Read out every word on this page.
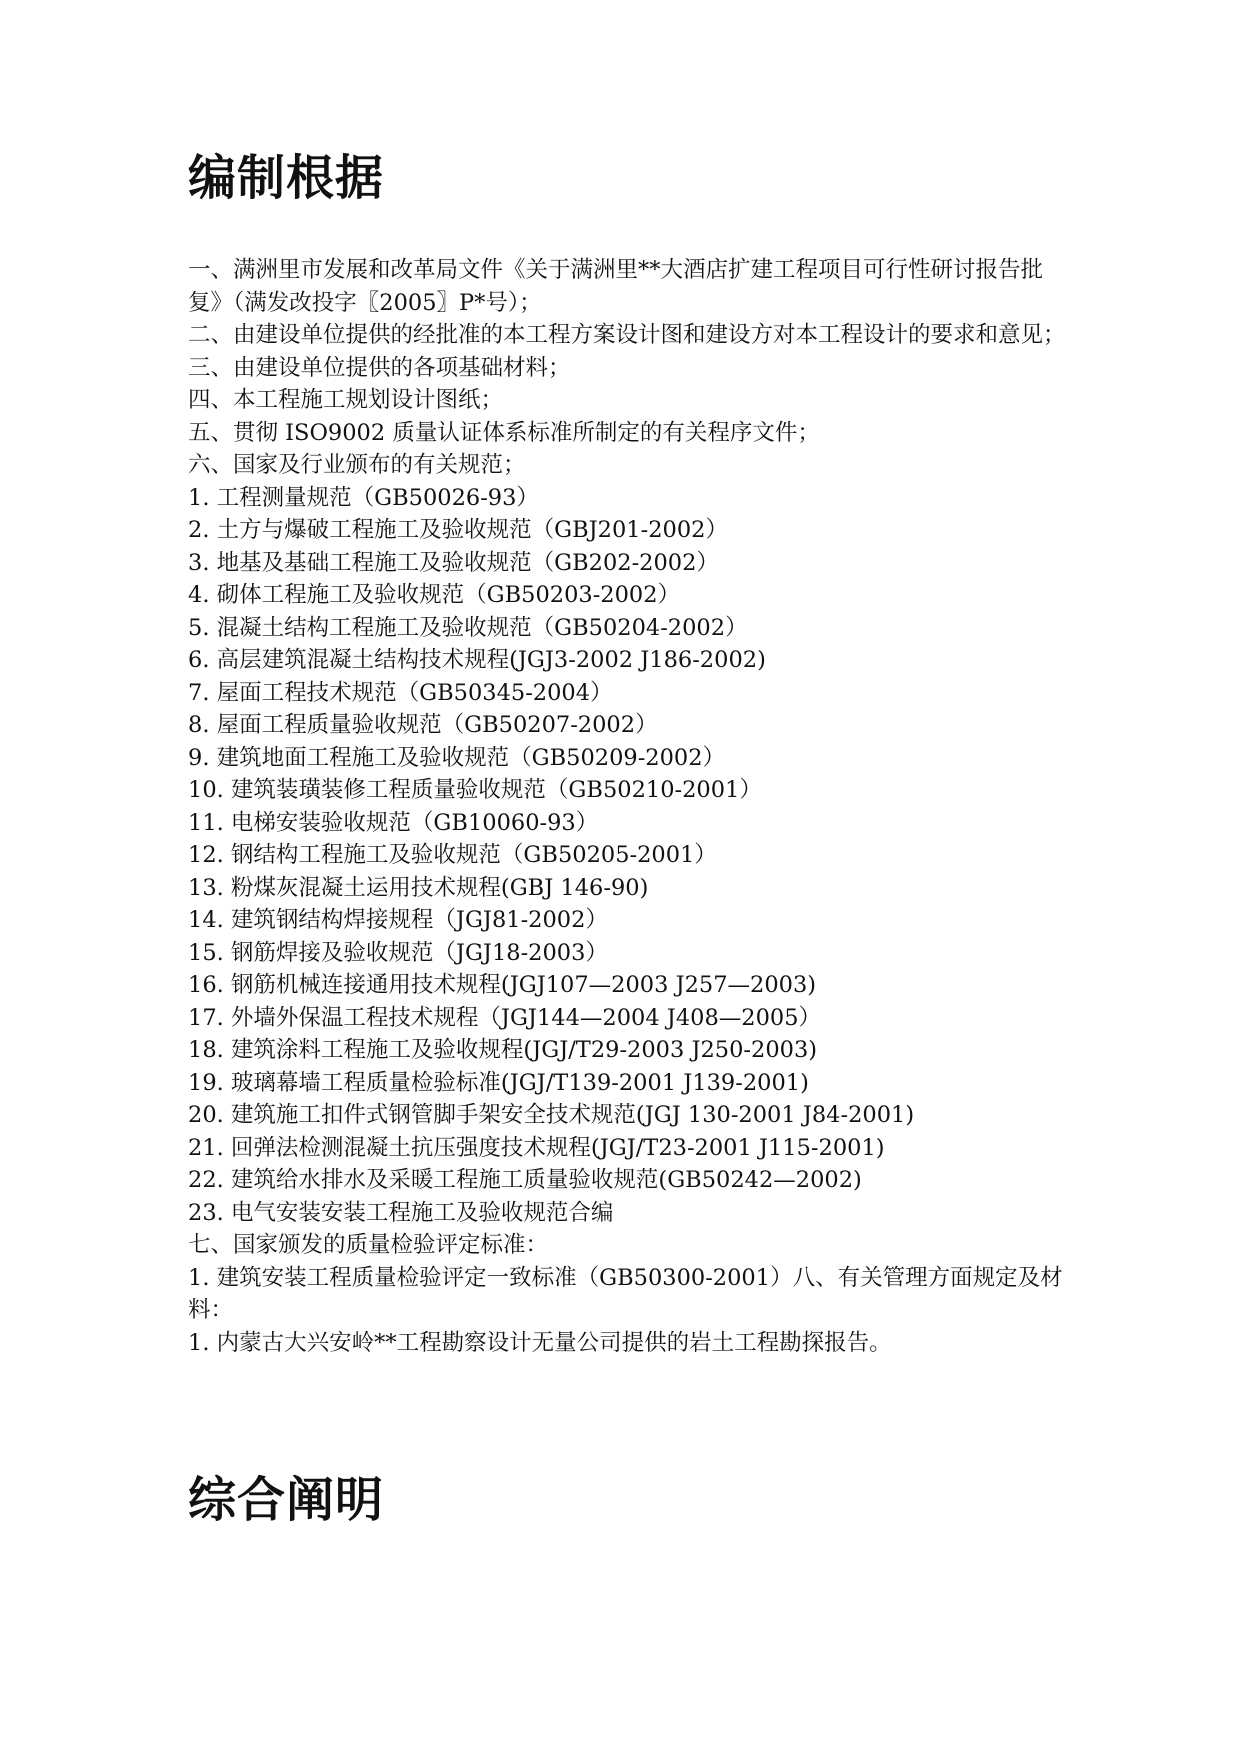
编制根据

一、满洲里市发展和改革局文件《关于满洲里**大酒店扩建工程项目可行性研讨报告批复》（满发改投字〖2005〗P*号）；

二、由建设单位提供的经批准的本工程方案设计图和建设方对本工程设计的要求和意见；

三、由建设单位提供的各项基础材料；

四、本工程施工规划设计图纸；

五、贯彻 ISO9002 质量认证体系标准所制定的有关程序文件；

六、国家及行业颁布的有关规范；

1. 工程测量规范（GB50026-93）

2. 土方与爆破工程施工及验收规范（GBJ201-2002）

3. 地基及基础工程施工及验收规范（GB202-2002）

4. 砌体工程施工及验收规范（GB50203-2002）

5. 混凝土结构工程施工及验收规范（GB50204-2002）

6. 高层建筑混凝土结构技术规程(JGJ3-2002 J186-2002)

7. 屋面工程技术规范（GB50345-2004）

8. 屋面工程质量验收规范（GB50207-2002）

9. 建筑地面工程施工及验收规范（GB50209-2002）

10. 建筑装璜装修工程质量验收规范（GB50210-2001）

11. 电梯安装验收规范（GB10060-93）

12. 钢结构工程施工及验收规范（GB50205-2001）

13. 粉煤灰混凝土运用技术规程(GBJ 146-90)

14. 建筑钢结构焊接规程（JGJ81-2002）

15. 钢筋焊接及验收规范（JGJ18-2003）

16. 钢筋机械连接通用技术规程(JGJ107—2003 J257—2003)

17. 外墙外保温工程技术规程（JGJ144—2004 J408—2005）

18. 建筑涂料工程施工及验收规程(JGJ/T29-2003 J250-2003)

19. 玻璃幕墙工程质量检验标准(JGJ/T139-2001 J139-2001)

20. 建筑施工扣件式钢管脚手架安全技术规范(JGJ 130-2001 J84-2001)

21. 回弹法检测混凝土抗压强度技术规程(JGJ/T23-2001 J115-2001)

22. 建筑给水排水及采暖工程施工质量验收规范(GB50242—2002)

23. 电气安装安装工程施工及验收规范合编

七、国家颁发的质量检验评定标准：

1. 建筑安装工程质量检验评定一致标准（GB50300-2001）八、有关管理方面规定及材料：

1. 内蒙古大兴安岭**工程勘察设计无量公司提供的岩土工程勘探报告。

综合阐明
